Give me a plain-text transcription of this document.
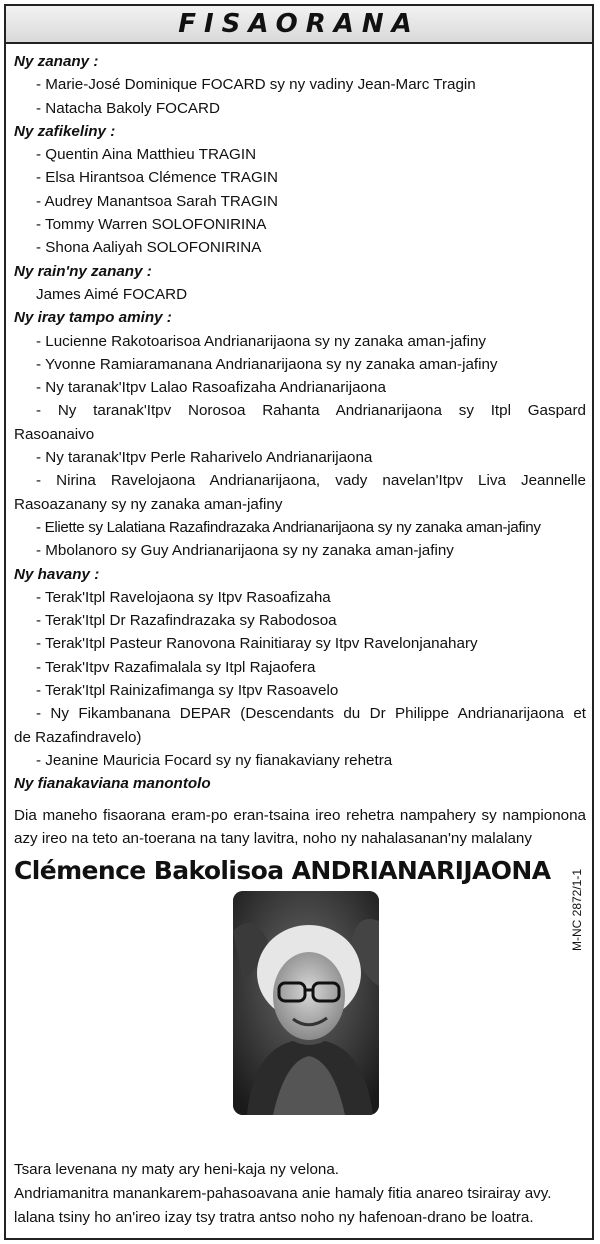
FISAORANA
Ny zanany :
- Marie-José Dominique FOCARD sy ny vadiny Jean-Marc Tragin
- Natacha Bakoly FOCARD
Ny zafikeliny :
- Quentin Aina Matthieu TRAGIN
- Elsa Hirantsoa Clémence TRAGIN
- Audrey Manantsoa Sarah TRAGIN
- Tommy Warren SOLOFONIRINA
- Shona Aaliyah SOLOFONIRINA
Ny rain'ny zanany :
James Aimé FOCARD
Ny iray tampo aminy :
- Lucienne Rakotoarisoa Andrianarijaona sy ny zanaka aman-jafiny
- Yvonne Ramiaramanana Andrianarijaona sy ny zanaka aman-jafiny
- Ny taranak'Itpv Lalao Rasoafizaha Andrianarijaona
- Ny taranak'Itpv Norosoa Rahanta Andrianarijaona sy Itpl Gaspard
Rasoanaivo
- Ny taranak'Itpv Perle Raharivelo Andrianarijaona
- Nirina Ravelojaona Andrianarijaona, vady navelan'Itpv Liva Jeannelle
Rasoazanany sy ny zanaka aman-jafiny
- Eliette sy Lalatiana Razafindrazaka Andrianarijaona sy ny zanaka aman-jafiny
- Mbolanoro sy Guy Andrianarijaona sy ny zanaka aman-jafiny
Ny havany :
- Terak'Itpl Ravelojaona sy Itpv Rasoafizaha
- Terak'Itpl Dr Razafindrazaka sy Rabodosoa
- Terak'Itpl Pasteur Ranovona Rainitiaray sy Itpv Ravelonjanahary
- Terak'Itpv Razafimalala sy Itpl Rajaofera
- Terak'Itpl Rainizafimanga sy Itpv Rasoavelo
- Ny Fikambanana DEPAR (Descendants du Dr Philippe Andrianarijaona et
de Razafindravelo)
- Jeanine Mauricia Focard sy ny fianakaviany rehetra
Ny fianakaviana manontolo
Dia maneho fisaorana eram-po eran-tsaina ireo rehetra nampahery sy nampionona azy ireo na teto an-toerana na tany lavitra, noho ny nahalasanan'ny malalany
Clémence Bakolisoa ANDRIANARIJAONA	M-NC 2872/1-1
Tsara levenana ny maty ary heni-kaja ny velona.
Andriamanitra manankarem-pahasoavana anie hamaly fitia anareo tsirairay avy.
lalana tsiny ho an'ireo izay tsy tratra antso noho ny hafenoan-drano be loatra.
